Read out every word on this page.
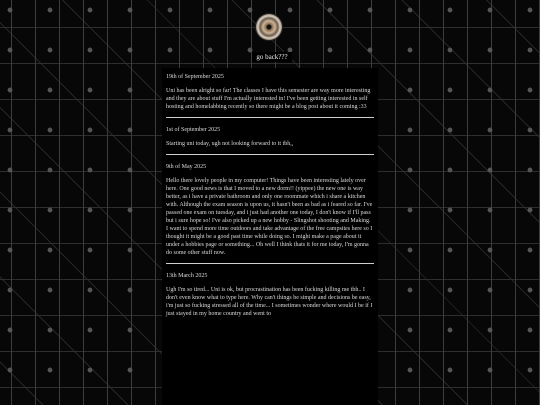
go back???

19th of September 2025

Uni has been alright so far! The classes I have this semester are way more interesting and they are about stuff I'm actually interested in! I've been getting interested in self hosting and homelabbing recently so there might be a blog post about it coming :33

1st of September 2025

Starting uni today, ugh not looking forward to it tbh,,

9th of May 2025

Hello there lovely people in my computer! Things have been interesting lately over here. One good news is that I moved to a new dorm!! (yippee) the new one is way better, as i have a private bathroom and only one roommate which i share a kitchen with. Although the exam season is upon us, it hasn't been as bad as i feared so far. I've passed one exam on tuesday, and i just had another one today, I don't know if I'll pass but i sure hope so! I've also picked up a new hobby - Slingshot shooting and Making. I want to spend more time outdoors and take advantage of the free campsites here so I thought it might be a good past time while doing so. I might make a page about it under a hobbies page or something... Oh well I think thats it for me today, I'm gonna do some other stuff now.

13th March 2025

Ugh I'm so tired... Uni is ok, but procrastination has been fucking killing me tbh.. I don't even know what to type here. Why can't things be simple and decisions be easy, i'm just so fucking stressed all of the time... I sometimes wonder where would I be if I just stayed in my home country and went to
